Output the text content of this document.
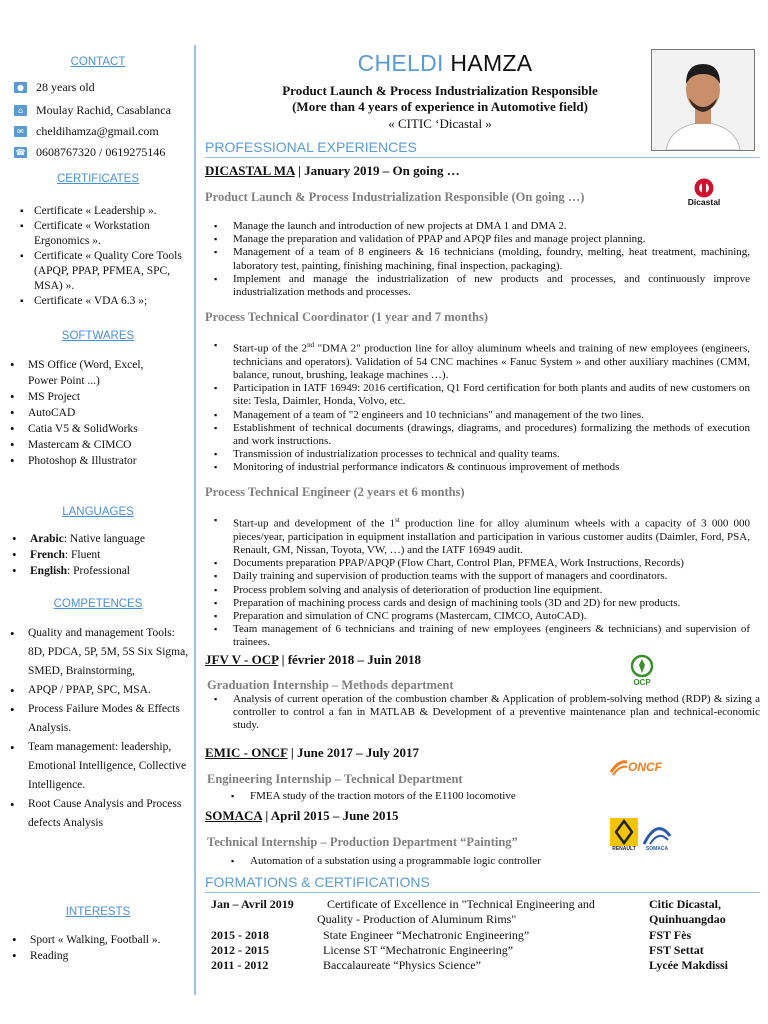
CONTACT
● 28 years old
⌂	Moulay Rachid, Casablanca
✉ cheldihamza@gmail.com
☎ 0608767320 / 0619275146
CERTIFICATES
▪ Certificate « Leadership ».
▪ Certificate « Workstation Ergonomics ».
▪ Certificate « Quality Core Tools (APQP, PPAP, PFMEA, SPC, MSA) ».
▪ Certificate « VDA 6.3 »;
SOFTWARES
• MS Office (Word, Excel, Power Point ...)
• MS Project
• AutoCAD
• Catia V5 & SolidWorks
• Mastercam & CIMCO
• Photoshop & Illustrator
LANGUAGES
• Arabic: Native language
• French: Fluent
• English: Professional
COMPETENCES
• Quality and management Tools: 8D, PDCA, 5P, 5M, 5S Six Sigma, SMED, Brainstorming,
• APQP / PPAP, SPC, MSA.
• Process Failure Modes & Effects Analysis.
• Team management: leadership, Emotional Intelligence, Collective Intelligence.
• Root Cause Analysis and Process defects Analysis
INTERESTS
• Sport « Walking, Football ».
• Reading
CHELDI HAMZA
Product Launch & Process Industrialization Responsible
(More than 4 years of experience in Automotive field)
« CITIC ‘Dicastal »
PROFESSIONAL EXPERIENCES
DICASTAL MA | January 2019 – On going …
Dicastal
Product Launch & Process Industrialization Responsible (On going …)
▪ Manage the launch and introduction of new projects at DMA 1 and DMA 2.
▪ Manage the preparation and validation of PPAP and APQP files and manage project planning.
▪ Management of a team of 8 engineers & 16 technicians (molding, foundry, melting, heat treatment, machining, laboratory test, painting, finishing machining, final inspection, packaging).
▪ Implement and manage the industrialization of new products and processes, and continuously improve industrialization methods and processes.
Process Technical Coordinator (1 year and 7 months)
▪ Start-up of the 2nd "DMA 2" production line for alloy aluminum wheels and training of new employees (engineers, technicians and operators). Validation of 54 CNC machines « Fanuc System » and other auxiliary machines (CMM, balance, runout, brushing, leakage machines …).
▪ Participation in IATF 16949: 2016 certification, Q1 Ford certification for both plants and audits of new customers on site: Tesla, Daimler, Honda, Volvo, etc.
▪ Management of a team of "2 engineers and 10 technicians" and management of the two lines.
▪ Establishment of technical documents (drawings, diagrams, and procedures) formalizing the methods of execution and work instructions.
▪ Transmission of industrialization processes to technical and quality teams.
▪ Monitoring of industrial performance indicators & continuous improvement of methods
Process Technical Engineer (2 years et 6 months)
▪ Start-up and development of the 1st production line for alloy aluminum wheels with a capacity of 3 000 000 pieces/year, participation in equipment installation and participation in various customer audits (Daimler, Ford, PSA, Renault, GM, Nissan, Toyota, VW, …) and the IATF 16949 audit.
▪ Documents preparation PPAP/APQP (Flow Chart, Control Plan, PFMEA, Work Instructions, Records)
▪ Daily training and supervision of production teams with the support of managers and coordinators.
▪ Process problem solving and analysis of deterioration of production line equipment.
▪ Preparation of machining process cards and design of machining tools (3D and 2D) for new products.
▪ Preparation and simulation of CNC programs (Mastercam, CIMCO, AutoCAD).
▪ Team management of 6 technicians and training of new employees (engineers & technicians) and supervision of trainees.
JFV V - OCP | février 2018 – Juin 2018
OCP
Graduation Internship – Methods department
▪ Analysis of current operation of the combustion chamber & Application of problem-solving method (RDP) & sizing a controller to control a fan in MATLAB & Development of a preventive maintenance plan and technical-economic study.
EMIC - ONCF | June 2017 – July 2017
ONCF
Engineering Internship – Technical Department
▪ FMEA study of the traction motors of the E1100 locomotive
SOMACA | April 2015 – June 2015
RENAULT SOMACA
Technical Internship – Production Department “Painting”
▪ Automation of a substation using a programmable logic controller
FORMATIONS & CERTIFICATIONS
Jan – Avril 2019	Certificate of Excellence in "Technical Engineering and	Citic Dicastal,
Quality - Production of Aluminum Rims"	Quinhuangdao
2015 - 2018	State Engineer “Mechatronic Engineering”	FST Fès
2012 - 2015	License ST “Mechatronic Engineering”	FST Settat
2011 - 2012	Baccalaureate “Physics Science”	Lycée Makdissi
